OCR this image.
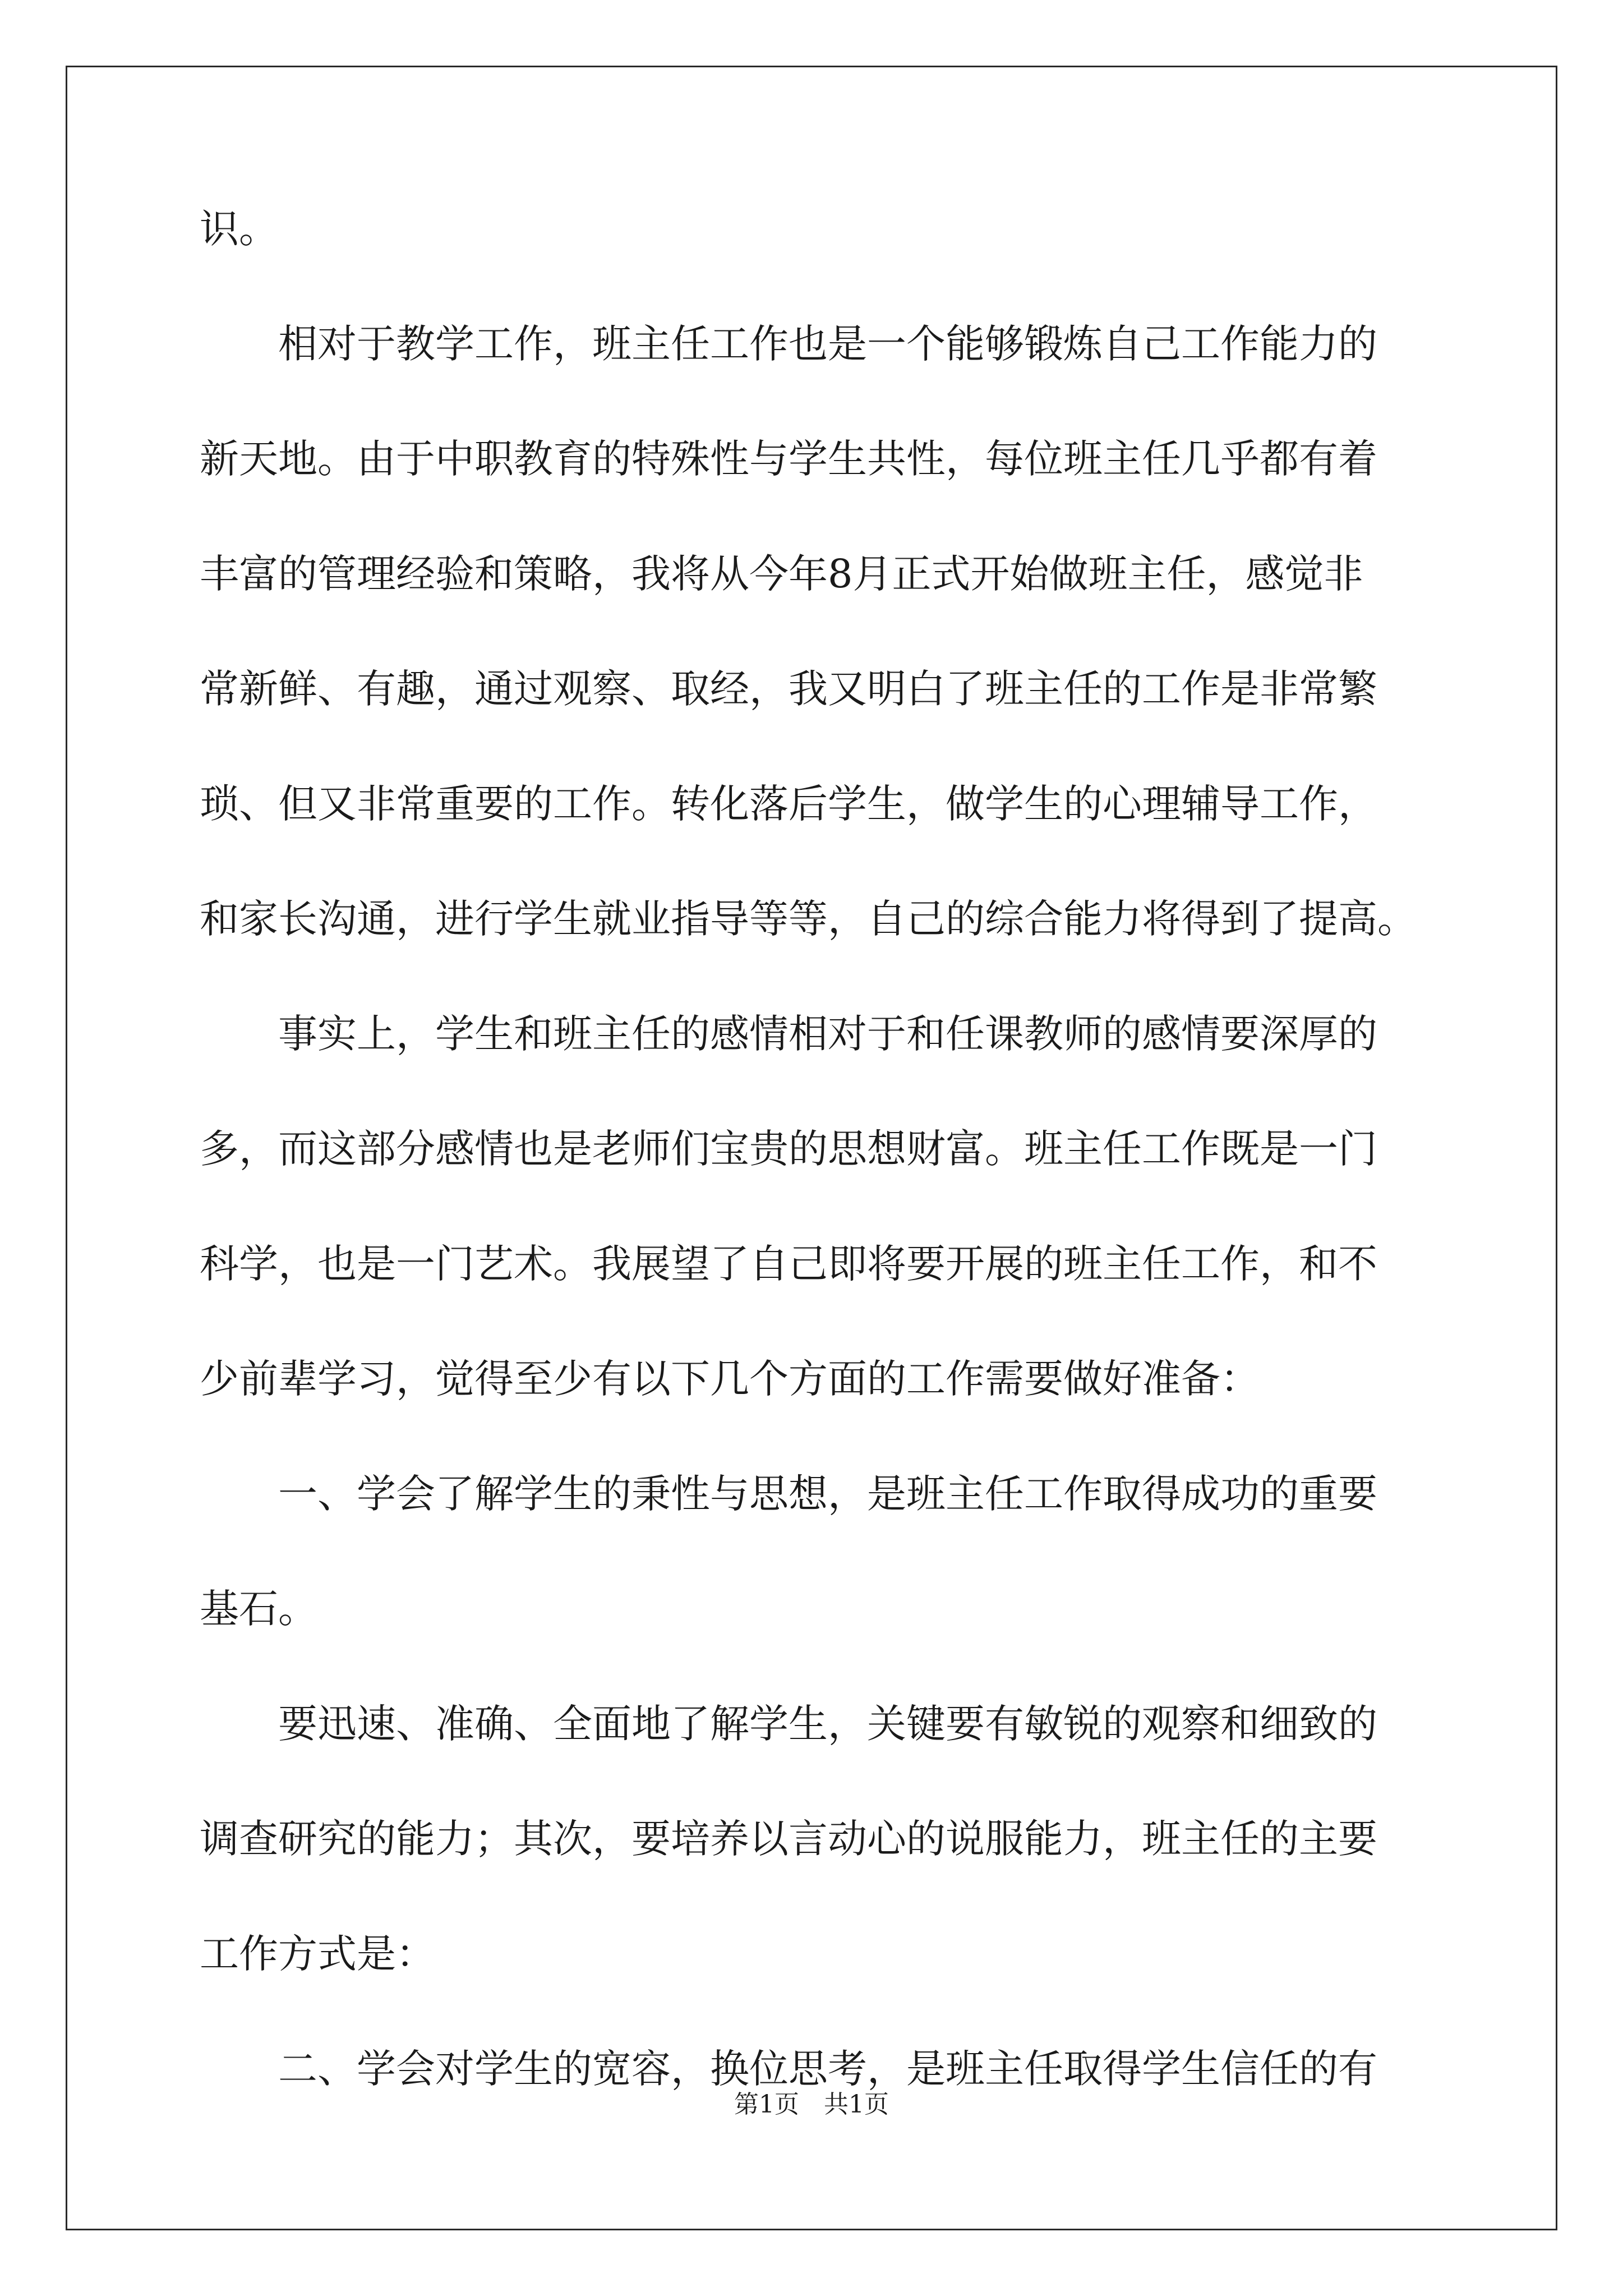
识。
　　相对于教学工作，班主任工作也是一个能够锻炼自己工作能力的
新天地。由于中职教育的特殊性与学生共性，每位班主任几乎都有着
丰富的管理经验和策略，我将从今年8月正式开始做班主任，感觉非
常新鲜、有趣，通过观察、取经，我又明白了班主任的工作是非常繁
琐、但又非常重要的工作。转化落后学生，做学生的心理辅导工作，
和家长沟通，进行学生就业指导等等，自己的综合能力将得到了提高。
　　事实上，学生和班主任的感情相对于和任课教师的感情要深厚的
多，而这部分感情也是老师们宝贵的思想财富。班主任工作既是一门
科学，也是一门艺术。我展望了自己即将要开展的班主任工作，和不
少前辈学习，觉得至少有以下几个方面的工作需要做好准备：
　　一、学会了解学生的秉性与思想，是班主任工作取得成功的重要
基石。
　　要迅速、准确、全面地了解学生，关键要有敏锐的观察和细致的
调查研究的能力；其次，要培养以言动心的说服能力，班主任的主要
工作方式是：
　　二、学会对学生的宽容，换位思考，是班主任取得学生信任的有
第1页　共1页
